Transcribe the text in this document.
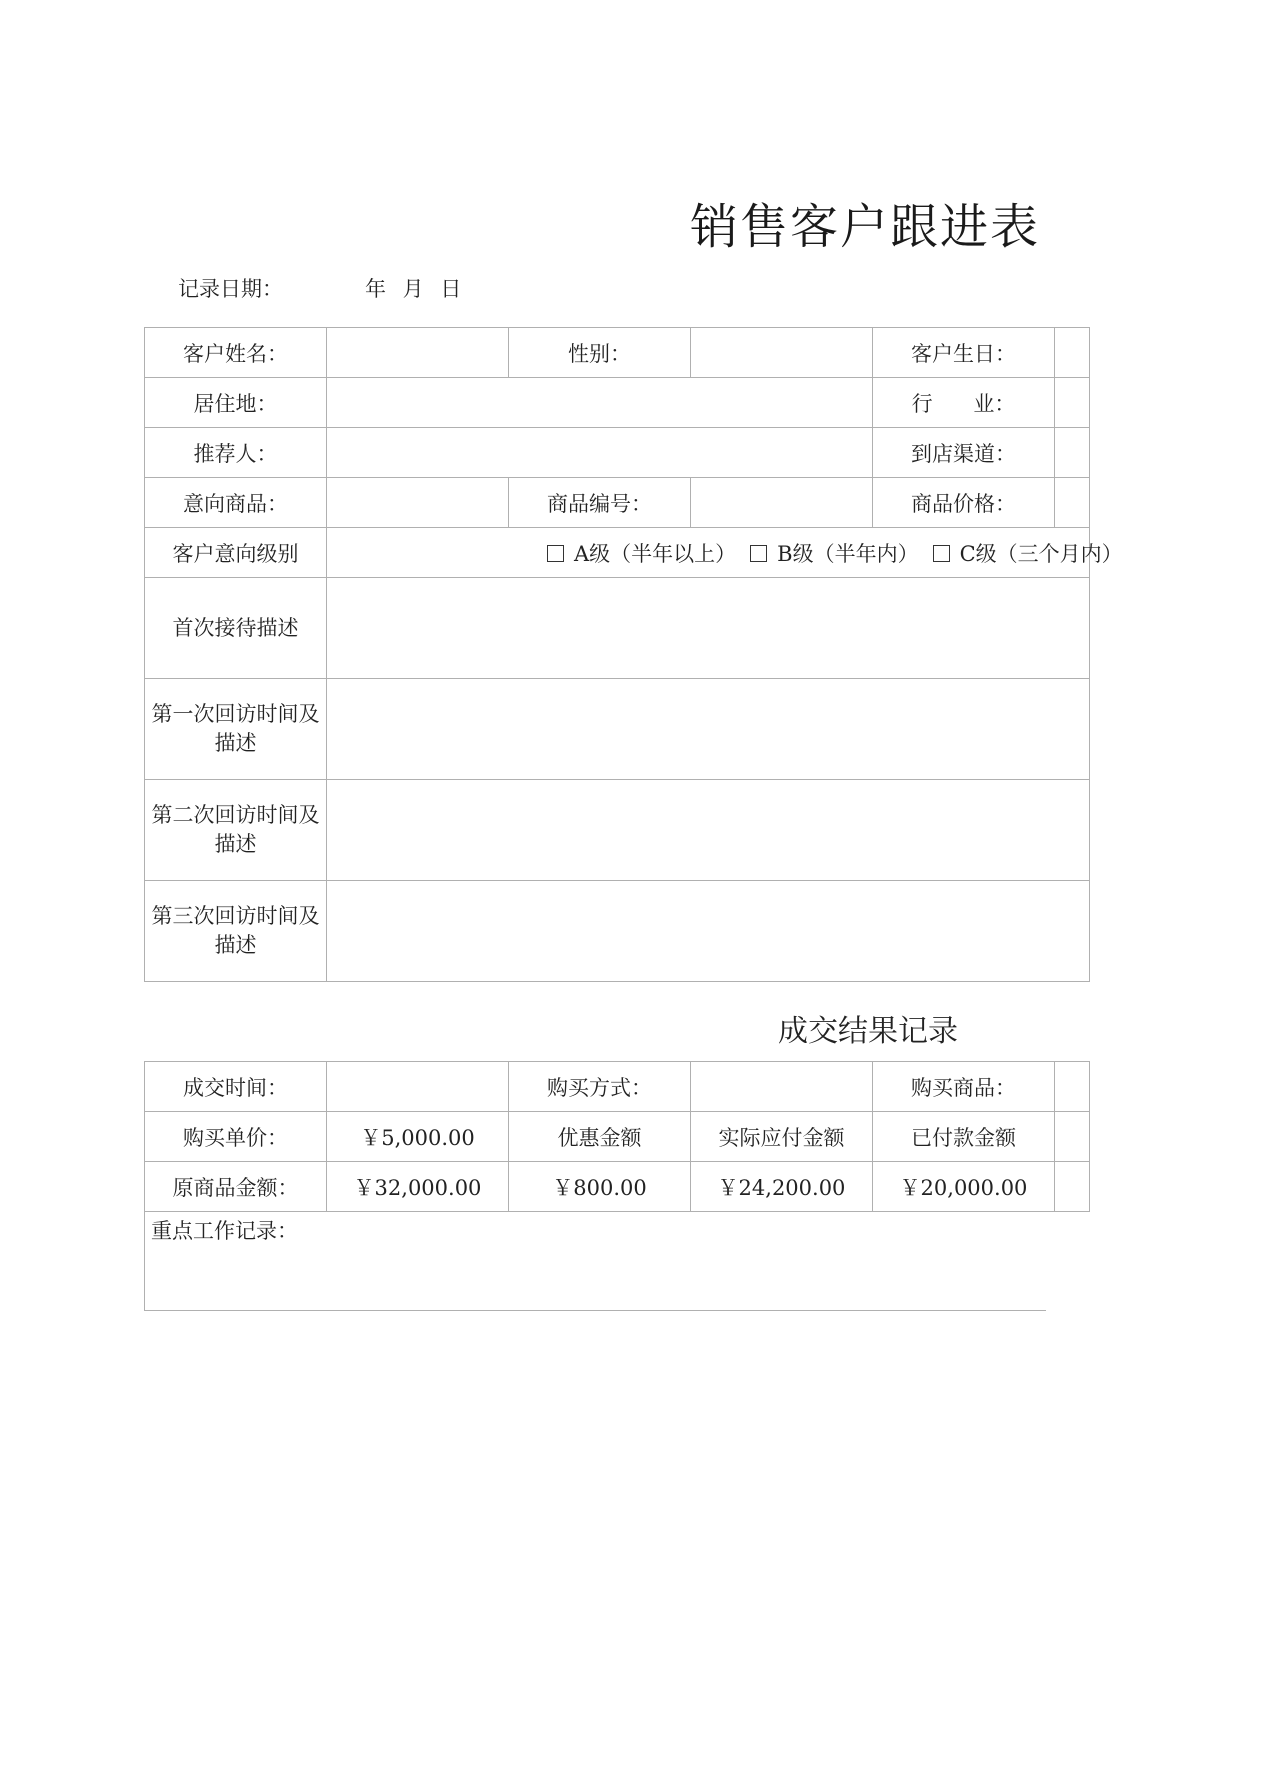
销售客户跟进表
记录日期：	年 月 日
客户姓名：		性别：		客户生日：	
居住地：				行 业：	
推荐人：				到店渠道：	
意向商品：		商品编号：		商品价格：	
客户意向级别	A级（半年以上） B级（半年内） C级（三个月内）				
首次接待描述					
第一次回访时间及描述					
第二次回访时间及描述					
第三次回访时间及描述					
成交结果记录
成交时间：		购买方式：		购买商品：	
购买单价：	￥5,000.00	优惠金额	实际应付金额	已付款金额	
原商品金额：	￥32,000.00	￥800.00	￥24,200.00	￥20,000.00	
重点工作记录：
